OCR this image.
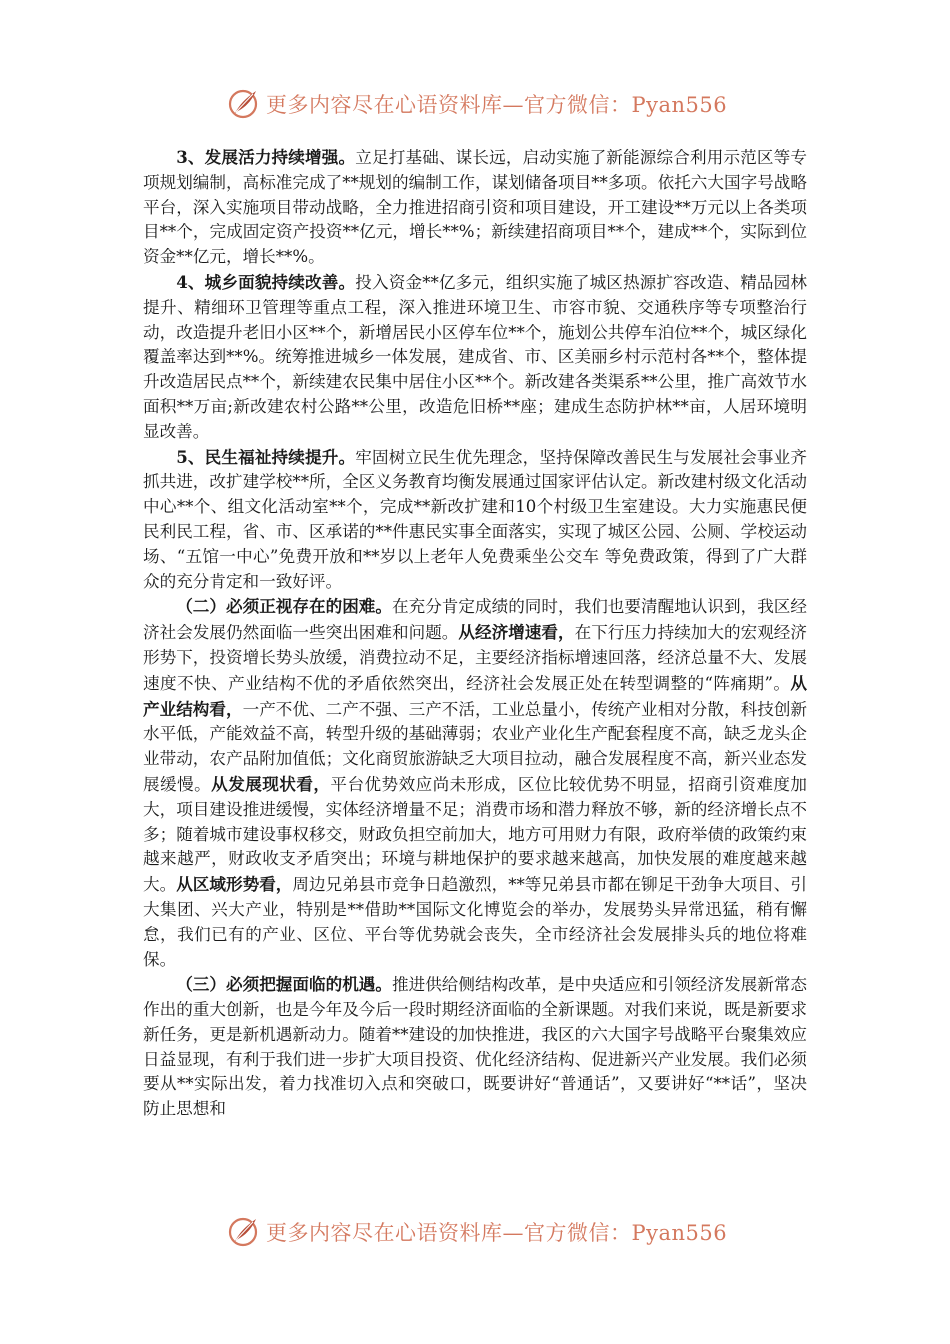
更多内容尽在心语资料库—官方微信：Pyan556

3、发展活力持续增强。立足打基础、谋长远，启动实施了新能源综合利用示范区等专项规划编制，高标准完成了**规划的编制工作，谋划储备项目**多项。依托六大国字号战略平台，深入实施项目带动战略，全力推进招商引资和项目建设，开工建设**万元以上各类项目**个，完成固定资产投资**亿元，增长**%；新续建招商项目**个，建成**个，实际到位资金**亿元，增长**%。

4、城乡面貌持续改善。投入资金**亿多元，组织实施了城区热源扩容改造、精品园林提升、精细环卫管理等重点工程，深入推进环境卫生、市容市貌、交通秩序等专项整治行动，改造提升老旧小区**个，新增居民小区停车位**个，施划公共停车泊位**个，城区绿化覆盖率达到**%。统筹推进城乡一体发展，建成省、市、区美丽乡村示范村各**个，整体提升改造居民点**个，新续建农民集中居住小区**个。新改建各类渠系**公里，推广高效节水面积**万亩;新改建农村公路**公里，改造危旧桥**座；建成生态防护林**亩，人居环境明显改善。

5、民生福祉持续提升。牢固树立民生优先理念，坚持保障改善民生与发展社会事业齐抓共进，改扩建学校**所，全区义务教育均衡发展通过国家评估认定。新改建村级文化活动中心**个、组文化活动室**个，完成**新改扩建和10个村级卫生室建设。大力实施惠民便民利民工程，省、市、区承诺的**件惠民实事全面落实，实现了城区公园、公厕、学校运动场、“五馆一中心”免费开放和**岁以上老年人免费乘坐公交车 等免费政策，得到了广大群众的充分肯定和一致好评。

（二）必须正视存在的困难。在充分肯定成绩的同时，我们也要清醒地认识到，我区经济社会发展仍然面临一些突出困难和问题。从经济增速看，在下行压力持续加大的宏观经济形势下，投资增长势头放缓，消费拉动不足，主要经济指标增速回落，经济总量不大、发展速度不快、产业结构不优的矛盾依然突出，经济社会发展正处在转型调整的“阵痛期”。从产业结构看，一产不优、二产不强、三产不活，工业总量小，传统产业相对分散，科技创新水平低，产能效益不高，转型升级的基础薄弱；农业产业化生产配套程度不高，缺乏龙头企业带动，农产品附加值低；文化商贸旅游缺乏大项目拉动，融合发展程度不高，新兴业态发展缓慢。从发展现状看，平台优势效应尚未形成，区位比较优势不明显，招商引资难度加大，项目建设推进缓慢，实体经济增量不足；消费市场和潜力释放不够，新的经济增长点不多；随着城市建设事权移交，财政负担空前加大，地方可用财力有限，政府举债的政策约束越来越严，财政收支矛盾突出；环境与耕地保护的要求越来越高，加快发展的难度越来越大。从区域形势看，周边兄弟县市竞争日趋激烈，**等兄弟县市都在铆足干劲争大项目、引大集团、兴大产业，特别是**借助**国际文化博览会的举办，发展势头异常迅猛，稍有懈怠，我们已有的产业、区位、平台等优势就会丧失，全市经济社会发展排头兵的地位将难保。

（三）必须把握面临的机遇。推进供给侧结构改革，是中央适应和引领经济发展新常态作出的重大创新，也是今年及今后一段时期经济面临的全新课题。对我们来说，既是新要求新任务，更是新机遇新动力。随着**建设的加快推进，我区的六大国字号战略平台聚集效应日益显现，有利于我们进一步扩大项目投资、优化经济结构、促进新兴产业发展。我们必须要从**实际出发，着力找准切入点和突破口，既要讲好“普通话”，又要讲好“**话”，坚决防止思想和

更多内容尽在心语资料库—官方微信：Pyan556
